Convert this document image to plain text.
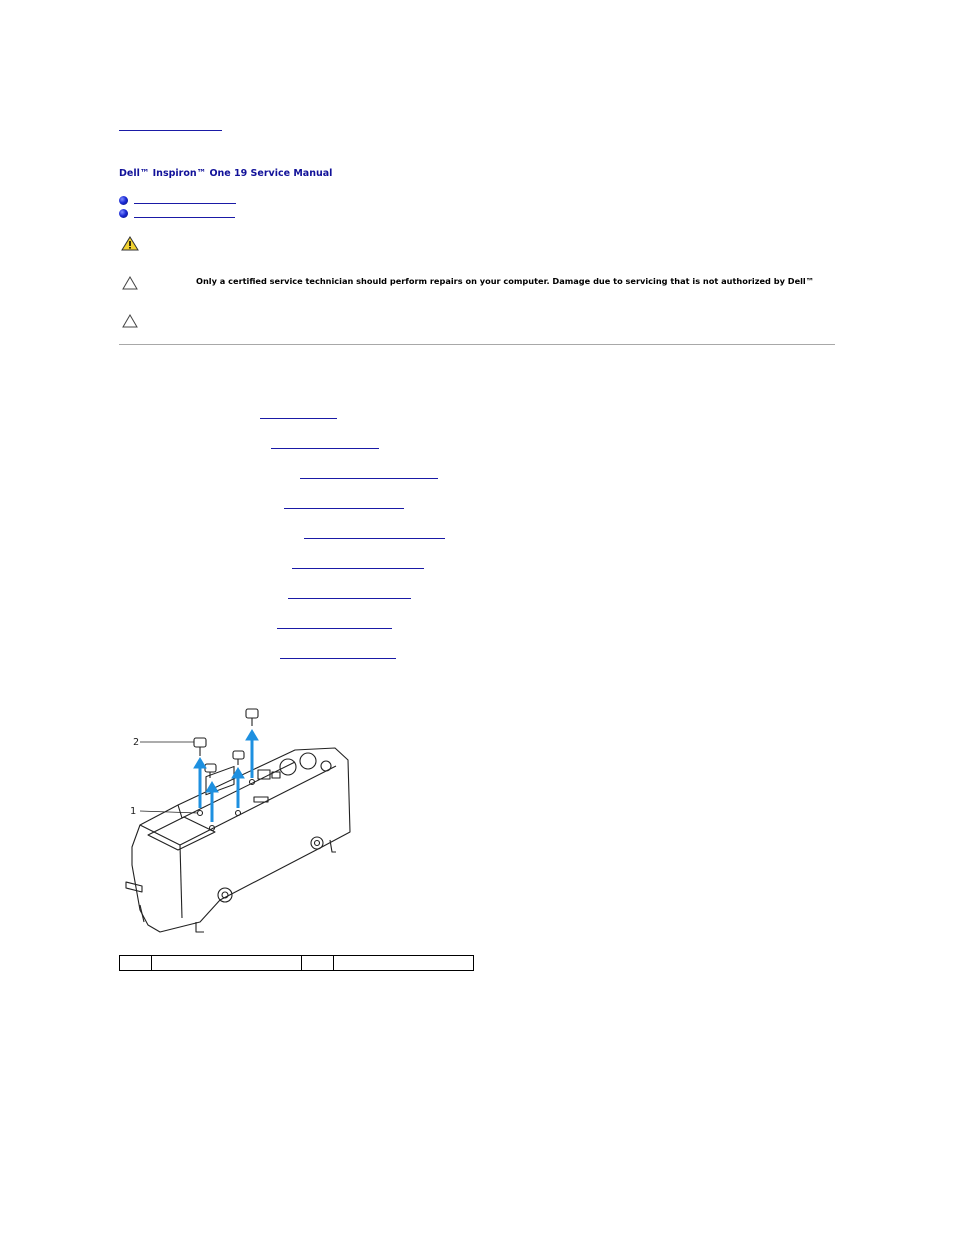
Dell™ Inspiron™ One 19 Service Manual
Only a certified service technician should perform repairs on your computer. Damage due to servicing that is not authorized by Dell™
2
1
